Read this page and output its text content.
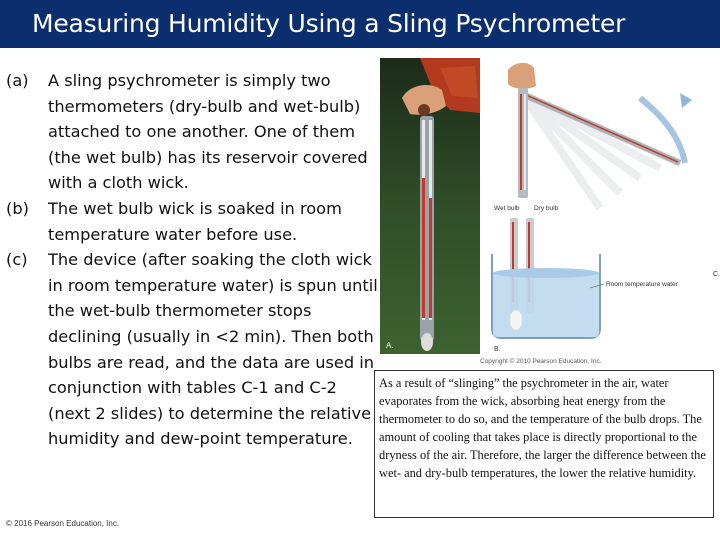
Measuring Humidity Using a Sling Psychrometer
(a) A sling psychrometer is simply two thermometers (dry-bulb and wet-bulb) attached to one another. One of them (the wet bulb) has its reservoir covered with a cloth wick.
(b) The wet bulb wick is soaked in room temperature water before use.
(c) The device (after soaking the cloth wick in room temperature water) is spun until the wet-bulb thermometer stops declining (usually in <2 min). Then both bulbs are read, and the data are used in conjunction with tables C-1 and C-2 (next 2 slides) to determine the relative humidity and dew-point temperature.
© 2016 Pearson Education, Inc.
A.
C.
Wet bulb Dry bulb
B.
Room temperature water
Copyright © 2010 Pearson Education, Inc.

As a result of “slinging” the psychrometer in the air, water evaporates from the wick, absorbing heat energy from the thermometer to do so, and the temperature of the bulb drops. The amount of cooling that takes place is directly proportional to the dryness of the air. Therefore, the larger the difference between the wet- and dry-bulb temperatures, the lower the relative humidity.
